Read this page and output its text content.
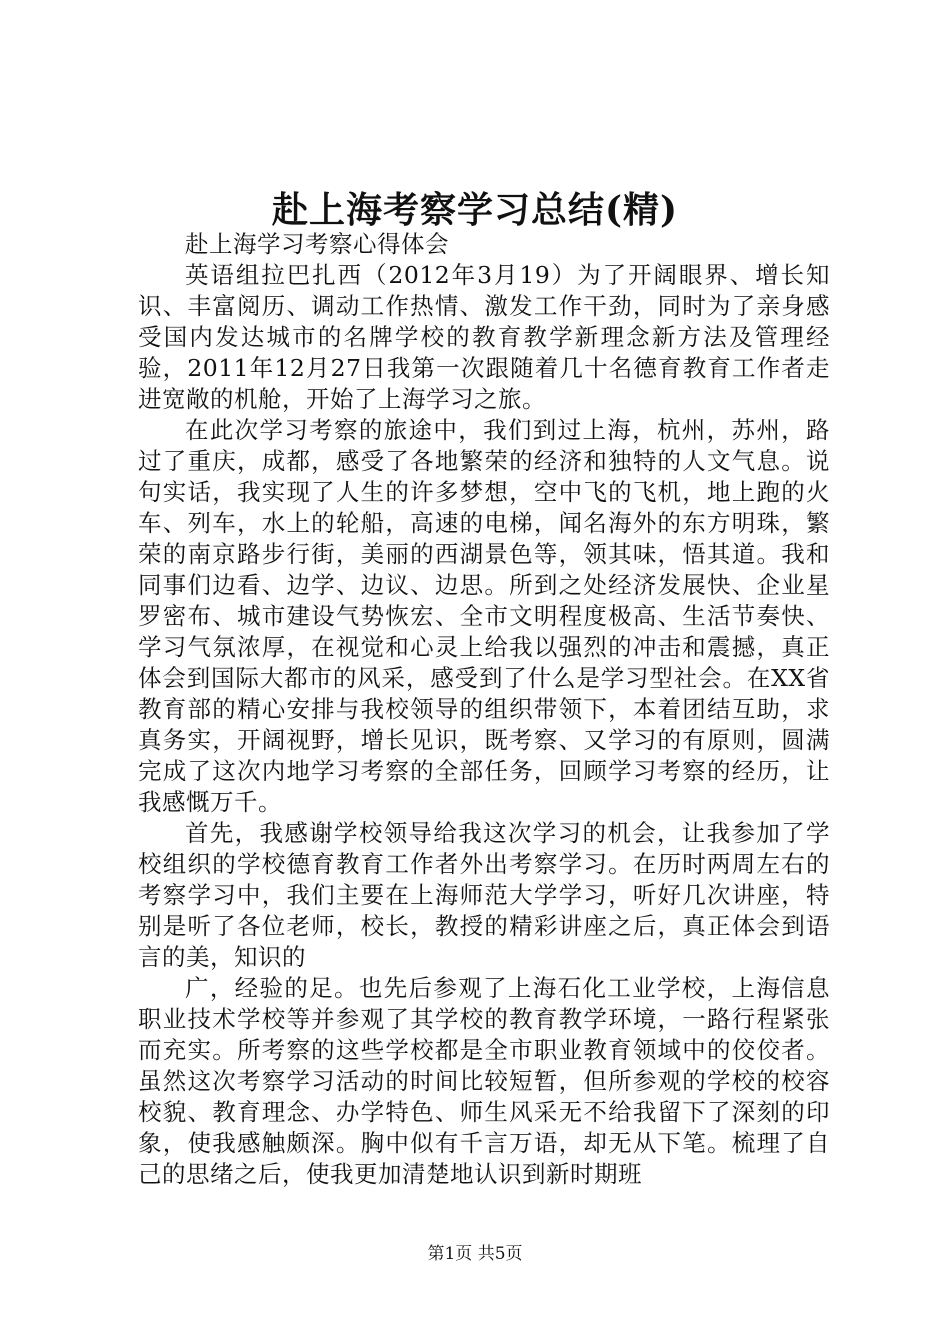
赴上海考察学习总结(精)

赴上海学习考察心得体会

英语组拉巴扎西（2012年3月19）为了开阔眼界、增长知识、丰富阅历、调动工作热情、激发工作干劲，同时为了亲身感受国内发达城市的名牌学校的教育教学新理念新方法及管理经验，2011年12月27日我第一次跟随着几十名德育教育工作者走进宽敞的机舱，开始了上海学习之旅。

在此次学习考察的旅途中，我们到过上海，杭州，苏州，路过了重庆，成都，感受了各地繁荣的经济和独特的人文气息。说句实话，我实现了人生的许多梦想，空中飞的飞机，地上跑的火车、列车，水上的轮船，高速的电梯，闻名海外的东方明珠，繁荣的南京路步行街，美丽的西湖景色等，领其味，悟其道。我和同事们边看、边学、边议、边思。所到之处经济发展快、企业星罗密布、城市建设气势恢宏、全市文明程度极高、生活节奏快、学习气氛浓厚，在视觉和心灵上给我以强烈的冲击和震撼，真正体会到国际大都市的风采，感受到了什么是学习型社会。在XX省教育部的精心安排与我校领导的组织带领下，本着团结互助，求真务实，开阔视野，增长见识，既考察、又学习的有原则，圆满完成了这次内地学习考察的全部任务，回顾学习考察的经历，让我感慨万千。

首先，我感谢学校领导给我这次学习的机会，让我参加了学校组织的学校德育教育工作者外出考察学习。在历时两周左右的考察学习中，我们主要在上海师范大学学习，听好几次讲座，特别是听了各位老师，校长，教授的精彩讲座之后，真正体会到语言的美，知识的

广，经验的足。也先后参观了上海石化工业学校，上海信息职业技术学校等并参观了其学校的教育教学环境，一路行程紧张而充实。所考察的这些学校都是全市职业教育领域中的佼佼者。虽然这次考察学习活动的时间比较短暂，但所参观的学校的校容校貌、教育理念、办学特色、师生风采无不给我留下了深刻的印象，使我感触颇深。胸中似有千言万语，却无从下笔。梳理了自己的思绪之后，使我更加清楚地认识到新时期班

第1页 共5页
